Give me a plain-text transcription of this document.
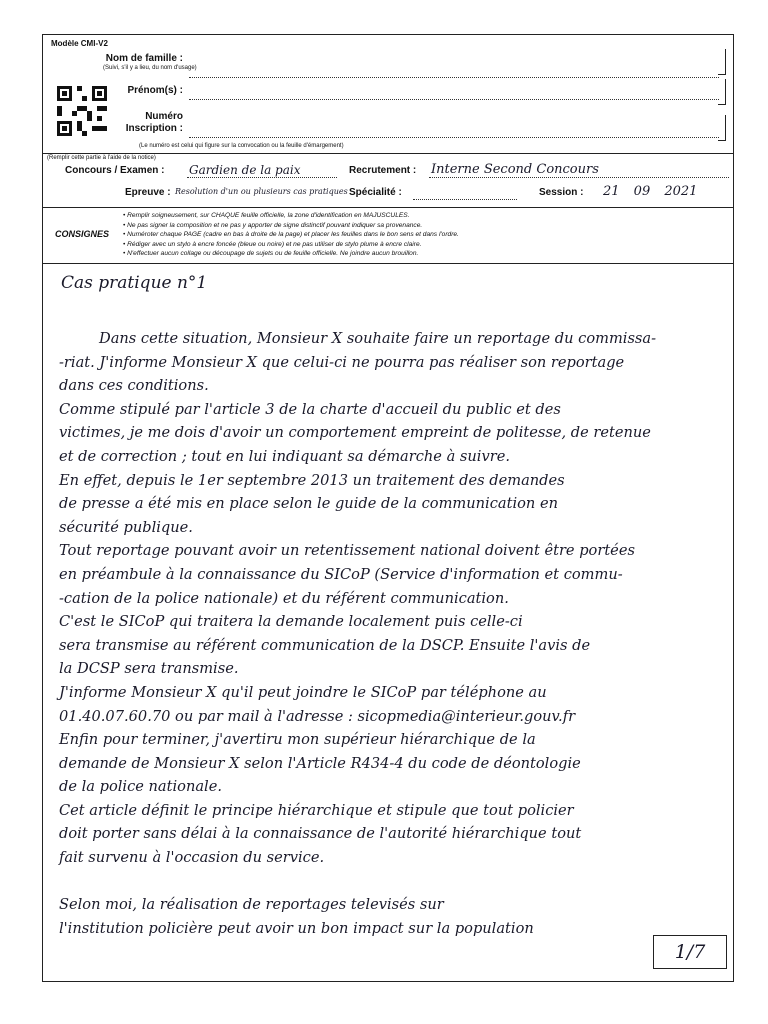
Modèle CMI-V2
Nom de famille :
(Suivi, s'il y a lieu, du nom d'usage)
Prénom(s) :
Numéro
Inscription :
(Le numéro est celui qui figure sur la convocation ou la feuille d'émargement)
(Remplir cette partie à l'aide de la notice)
Concours / Examen : Gardien de la paix	Recrutement : Interne Second Concours
Epreuve : Resolution d'un ou plusieurs cas pratiques Spécialité :	Session : 21 09 2021
CONSIGNES
• Remplir soigneusement, sur CHAQUE feuille officielle, la zone d'identification en MAJUSCULES.
• Ne pas signer la composition et ne pas y apporter de signe distinctif pouvant indiquer sa provenance.
• Numéroter chaque PAGE (cadre en bas à droite de la page) et placer les feuilles dans le bon sens et dans l'ordre.
• Rédiger avec un stylo à encre foncée (bleue ou noire) et ne pas utiliser de stylo plume à encre claire.
• N'effectuer aucun collage ou découpage de sujets ou de feuille officielle. Ne joindre aucun brouillon.
Cas pratique n°1

Dans cette situation, Monsieur X souhaite faire un reportage du commissa-

-riat. J'informe Monsieur X que celui-ci ne pourra pas réaliser son reportage

dans ces conditions.

Comme stipulé par l'article 3 de la charte d'accueil du public et des

victimes, je me dois d'avoir un comportement empreint de politesse, de retenue

et de correction ; tout en lui indiquant sa démarche à suivre.

En effet, depuis le 1er septembre 2013 un traitement des demandes

de presse a été mis en place selon le guide de la communication en

sécurité publique.

Tout reportage pouvant avoir un retentissement national doivent être portées

en préambule à la connaissance du SICoP (Service d'information et commu-

-cation de la police nationale) et du référent communication.

C'est le SICoP qui traitera la demande localement puis celle-ci

sera transmise au référent communication de la DSCP. Ensuite l'avis de

la DCSP sera transmise.

J'informe Monsieur X qu'il peut joindre le SICoP par téléphone au

01.40.07.60.70 ou par mail à l'adresse : sicopmedia@interieur.gouv.fr

Enfin pour terminer, j'avertiru mon supérieur hiérarchique de la

demande de Monsieur X selon l'Article R434-4 du code de déontologie

de la police nationale.

Cet article définit le principe hiérarchique et stipule que tout policier

doit porter sans délai à la connaissance de l'autorité hiérarchique tout

fait survenu à l'occasion du service.

Selon moi, la réalisation de reportages televisés sur

l'institution policière peut avoir un bon impact sur la population

1/7
